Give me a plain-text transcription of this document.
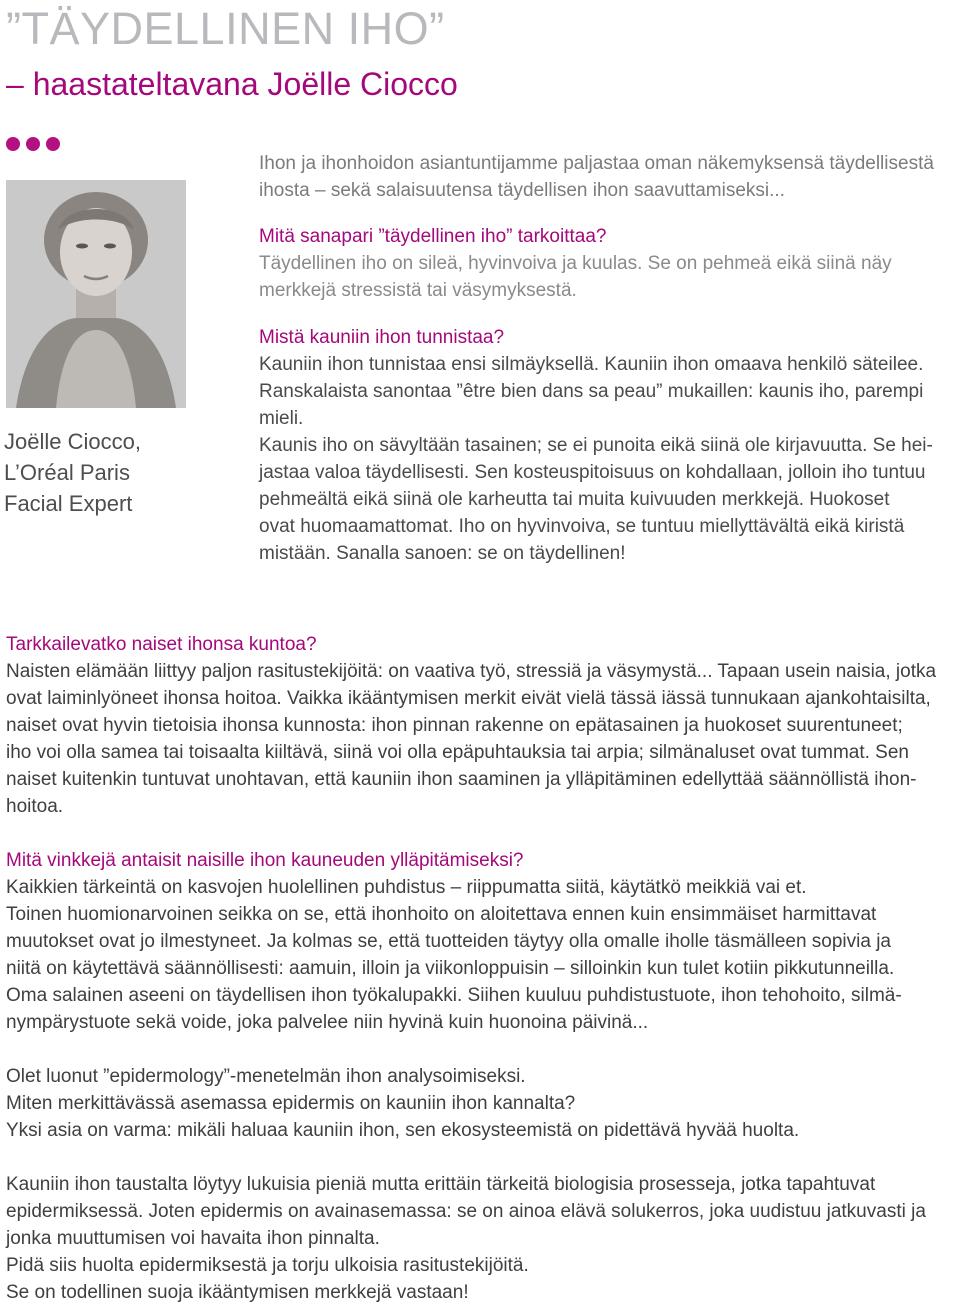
”TÄYDELLINEN IHO”
– haastateltavana Joëlle Ciocco
Joëlle Ciocco,
L’Oréal Paris
Facial Expert

Ihon ja ihonhoidon asiantuntijamme paljastaa oman näkemyksensä täydellisestä

ihosta – sekä salaisuutensa täydellisen ihon saavuttamiseksi...

Mitä sanapari ”täydellinen iho” tarkoittaa?

Täydellinen iho on sileä, hyvinvoiva ja kuulas. Se on pehmeä eikä siinä näy

merkkejä stressistä tai väsymyksestä.

Mistä kauniin ihon tunnistaa?

Kauniin ihon tunnistaa ensi silmäyksellä. Kauniin ihon omaava henkilö säteilee.

Ranskalaista sanontaa ”être bien dans sa peau” mukaillen: kaunis iho, parempi

mieli.

Kaunis iho on sävyltään tasainen; se ei punoita eikä siinä ole kirjavuutta. Se hei-

jastaa valoa täydellisesti. Sen kosteuspitoisuus on kohdallaan, jolloin iho tuntuu

pehmeältä eikä siinä ole karheutta tai muita kuivuuden merkkejä. Huokoset

ovat huomaamattomat. Iho on hyvinvoiva, se tuntuu miellyttävältä eikä kiristä

mistään. Sanalla sanoen: se on täydellinen!

Tarkkailevatko naiset ihonsa kuntoa?

Naisten elämään liittyy paljon rasitustekijöitä: on vaativa työ, stressiä ja väsymystä... Tapaan usein naisia, jotka

ovat laiminlyöneet ihonsa hoitoa. Vaikka ikääntymisen merkit eivät vielä tässä iässä tunnukaan ajankohtaisilta,

naiset ovat hyvin tietoisia ihonsa kunnosta: ihon pinnan rakenne on epätasainen ja huokoset suurentuneet;

iho voi olla samea tai toisaalta kiiltävä, siinä voi olla epäpuhtauksia tai arpia; silmänaluset ovat tummat. Sen

naiset kuitenkin tuntuvat unohtavan, että kauniin ihon saaminen ja ylläpitäminen edellyttää säännöllistä ihon-

hoitoa.

Mitä vinkkejä antaisit naisille ihon kauneuden ylläpitämiseksi?

Kaikkien tärkeintä on kasvojen huolellinen puhdistus – riippumatta siitä, käytätkö meikkiä vai et.

Toinen huomionarvoinen seikka on se, että ihonhoito on aloitettava ennen kuin ensimmäiset harmittavat

muutokset ovat jo ilmestyneet. Ja kolmas se, että tuotteiden täytyy olla omalle iholle täsmälleen sopivia ja

niitä on käytettävä säännöllisesti: aamuin, illoin ja viikonloppuisin – silloinkin kun tulet kotiin pikkutunneilla.

Oma salainen aseeni on täydellisen ihon työkalupakki. Siihen kuuluu puhdistustuote, ihon tehohoito, silmä-

nympärystuote sekä voide, joka palvelee niin hyvinä kuin huonoina päivinä...

Olet luonut ”epidermology”-menetelmän ihon analysoimiseksi.

Miten merkittävässä asemassa epidermis on kauniin ihon kannalta?

Yksi asia on varma: mikäli haluaa kauniin ihon, sen ekosysteemistä on pidettävä hyvää huolta.

Kauniin ihon taustalta löytyy lukuisia pieniä mutta erittäin tärkeitä biologisia prosesseja, jotka tapahtuvat

epidermiksessä. Joten epidermis on avainasemassa: se on ainoa elävä solukerros, joka uudistuu jatkuvasti ja

jonka muuttumisen voi havaita ihon pinnalta.

Pidä siis huolta epidermiksestä ja torju ulkoisia rasitustekijöitä.

Se on todellinen suoja ikääntymisen merkkejä vastaan!
